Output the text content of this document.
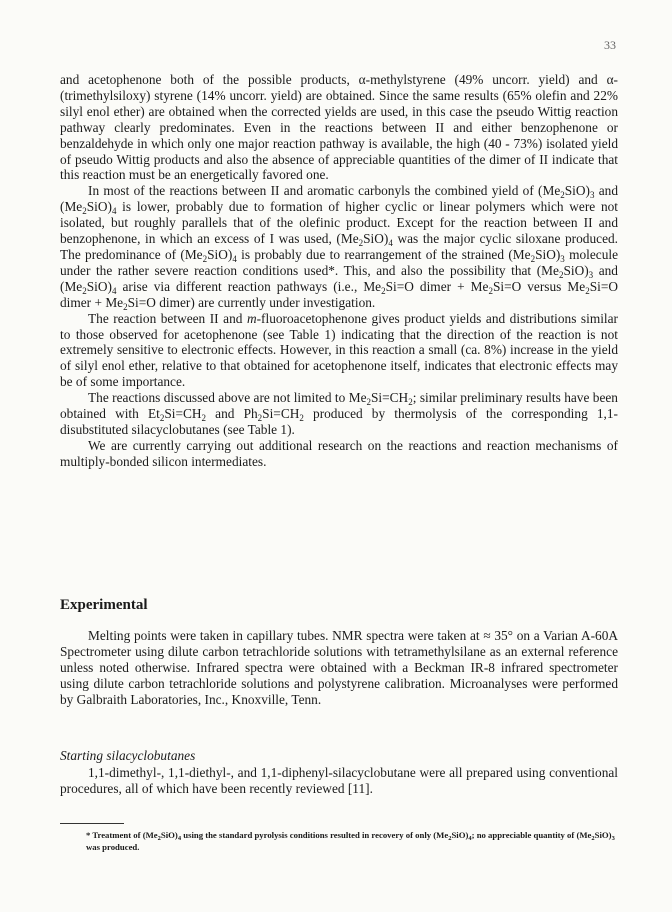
33

and acetophenone both of the possible products, α-methylstyrene (49% uncorr. yield) and α-(trimethylsiloxy) styrene (14% uncorr. yield) are obtained. Since the same results (65% olefin and 22% silyl enol ether) are obtained when the corrected yields are used, in this case the pseudo Wittig reaction pathway clearly predominates. Even in the reactions between II and either benzophenone or benzaldehyde in which only one major reaction pathway is available, the high (40 - 73%) isolated yield of pseudo Wittig products and also the absence of appreciable quantities of the dimer of II indicate that this reaction must be an energetically favored one.

In most of the reactions between II and aromatic carbonyls the combined yield of $(Me_2SiO)_3$ and $(Me_2SiO)_4$ is lower, probably due to formation of higher cyclic or linear polymers which were not isolated, but roughly parallels that of the olefinic product. Except for the reaction between II and benzophenone, in which an excess of I was used, $(Me_2SiO)_4$ was the major cyclic siloxane produced. The predominance of $(Me_2SiO)_4$ is probably due to rearrangement of the strained $(Me_2SiO)_3$ molecule under the rather severe reaction conditions used*. This, and also the possibility that $(Me_2SiO)_3$ and $(Me_2SiO)_4$ arise via different reaction pathways (i.e., $Me_2Si=O$ dimer + $Me_2Si=O$ versus $Me_2Si=O$ dimer + $Me_2Si=O$ dimer) are currently under investigation.

The reaction between II and m-fluoroacetophenone gives product yields and distributions similar to those observed for acetophenone (see Table 1) indicating that the direction of the reaction is not extremely sensitive to electronic effects. However, in this reaction a small (ca. 8%) increase in the yield of silyl enol ether, relative to that obtained for acetophenone itself, indicates that electronic effects may be of some importance.

The reactions discussed above are not limited to $Me_2Si=CH_2$; similar preliminary results have been obtained with $Et_2Si=CH_2$ and $Ph_2Si=CH_2$ produced by thermolysis of the corresponding 1,1-disubstituted silacyclobutanes (see Table 1).

We are currently carrying out additional research on the reactions and reaction mechanisms of multiply-bonded silicon intermediates.

Experimental

Melting points were taken in capillary tubes. NMR spectra were taken at ≈ 35° on a Varian A-60A Spectrometer using dilute carbon tetrachloride solutions with tetramethylsilane as an external reference unless noted otherwise. Infrared spectra were obtained with a Beckman IR-8 infrared spectrometer using dilute carbon tetrachloride solutions and polystyrene calibration. Microanalyses were performed by Galbraith Laboratories, Inc., Knoxville, Tenn.

Starting silacyclobutanes

1,1-dimethyl-, 1,1-diethyl-, and 1,1-diphenyl-silacyclobutane were all prepared using conventional procedures, all of which have been recently reviewed [11].

* Treatment of $(Me_2SiO)_4$ using the standard pyrolysis conditions resulted in recovery of only $(Me_2SiO)_4$; no appreciable quantity of $(Me_2SiO)_3$ was produced.
